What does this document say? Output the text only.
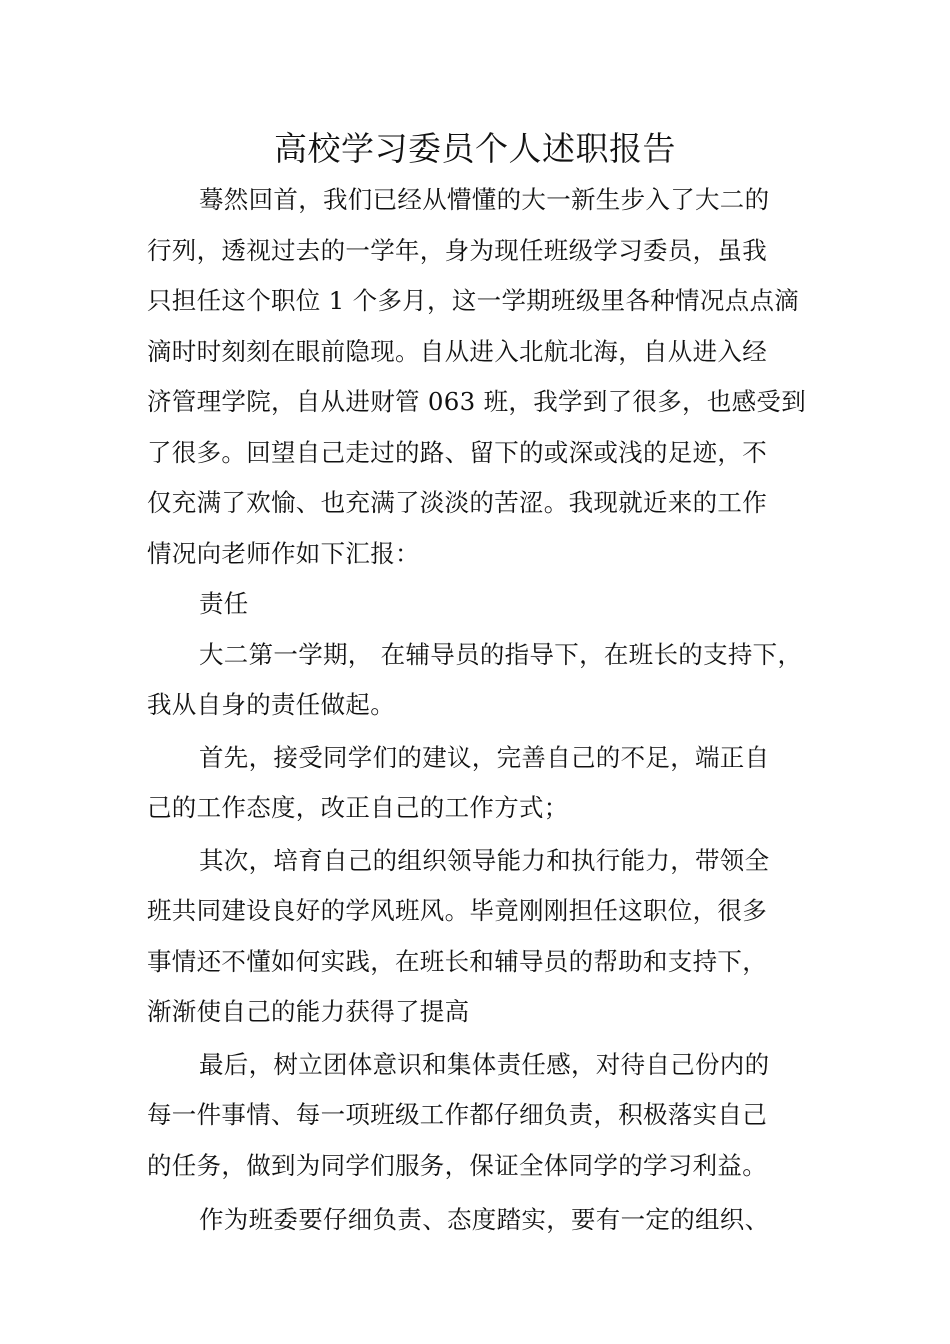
高校学习委员个人述职报告
蓦然回首，我们已经从懵懂的大一新生步入了大二的
行列，透视过去的一学年，身为现任班级学习委员，虽我
只担任这个职位 1 个多月，这一学期班级里各种情况点点滴
滴时时刻刻在眼前隐现。自从进入北航北海，自从进入经
济管理学院，自从进财管 063 班，我学到了很多，也感受到
了很多。回望自己走过的路、留下的或深或浅的足迹，不
仅充满了欢愉、也充满了淡淡的苦涩。我现就近来的工作
情况向老师作如下汇报：
责任
大二第一学期， 在辅导员的指导下，在班长的支持下，
我从自身的责任做起。
首先，接受同学们的建议，完善自己的不足，端正自
己的工作态度，改正自己的工作方式；
其次，培育自己的组织领导能力和执行能力，带领全
班共同建设良好的学风班风。毕竟刚刚担任这职位，很多
事情还不懂如何实践，在班长和辅导员的帮助和支持下，
渐渐使自己的能力获得了提高
最后，树立团体意识和集体责任感，对待自己份内的
每一件事情、每一项班级工作都仔细负责，积极落实自己
的任务，做到为同学们服务，保证全体同学的学习利益。
作为班委要仔细负责、态度踏实，要有一定的组织、
